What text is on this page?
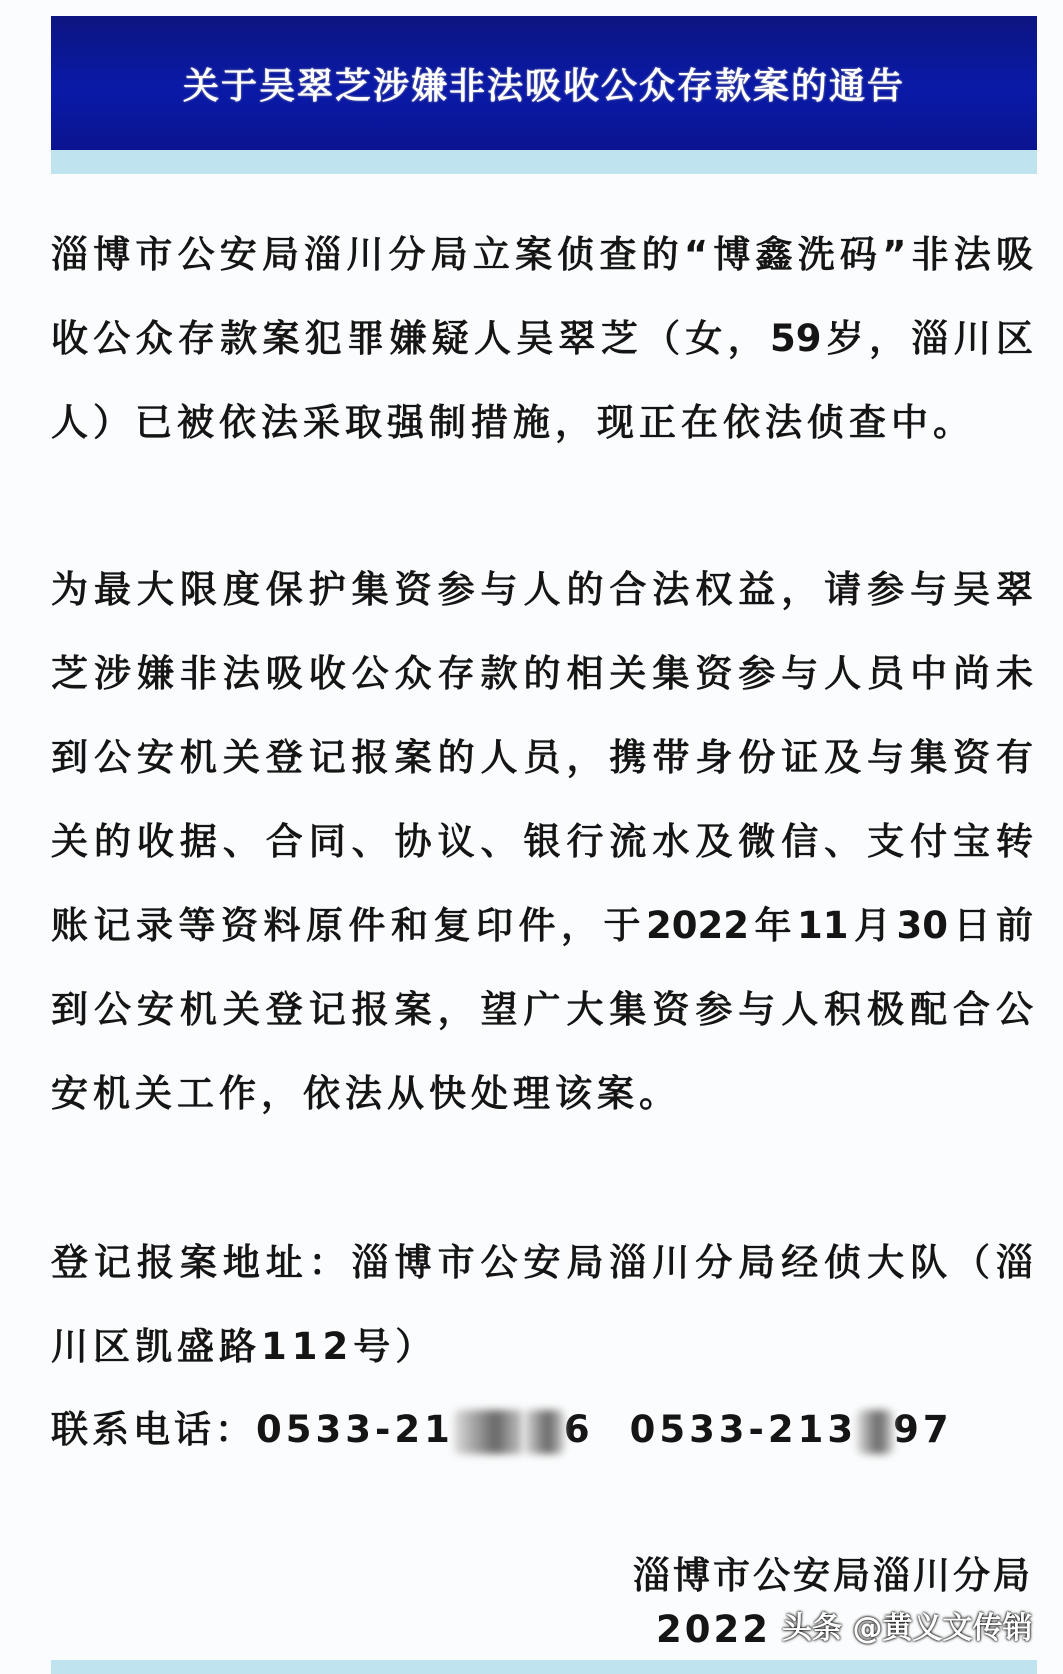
关于吴翠芝涉嫌非法吸收公众存款案的通告
淄博市公安局淄川分局立案侦查的“博鑫洗码”非法吸
收公众存款案犯罪嫌疑人吴翠芝（女，59岁，淄川区
人）已被依法采取强制措施，现正在依法侦查中。
为最大限度保护集资参与人的合法权益，请参与吴翠
芝涉嫌非法吸收公众存款的相关集资参与人员中尚未
到公安机关登记报案的人员，携带身份证及与集资有
关的收据、合同、协议、银行流水及微信、支付宝转
账记录等资料原件和复印件，于2022年11月30日前
到公安机关登记报案，望广大集资参与人积极配合公
安机关工作，依法从快处理该案。
登记报案地址：淄博市公安局淄川分局经侦大队（淄
川区凯盛路112号）
联系电话：0533-21	6 0533-213 97
淄博市公安局淄川分局
2022 头条 @黄义文传销
